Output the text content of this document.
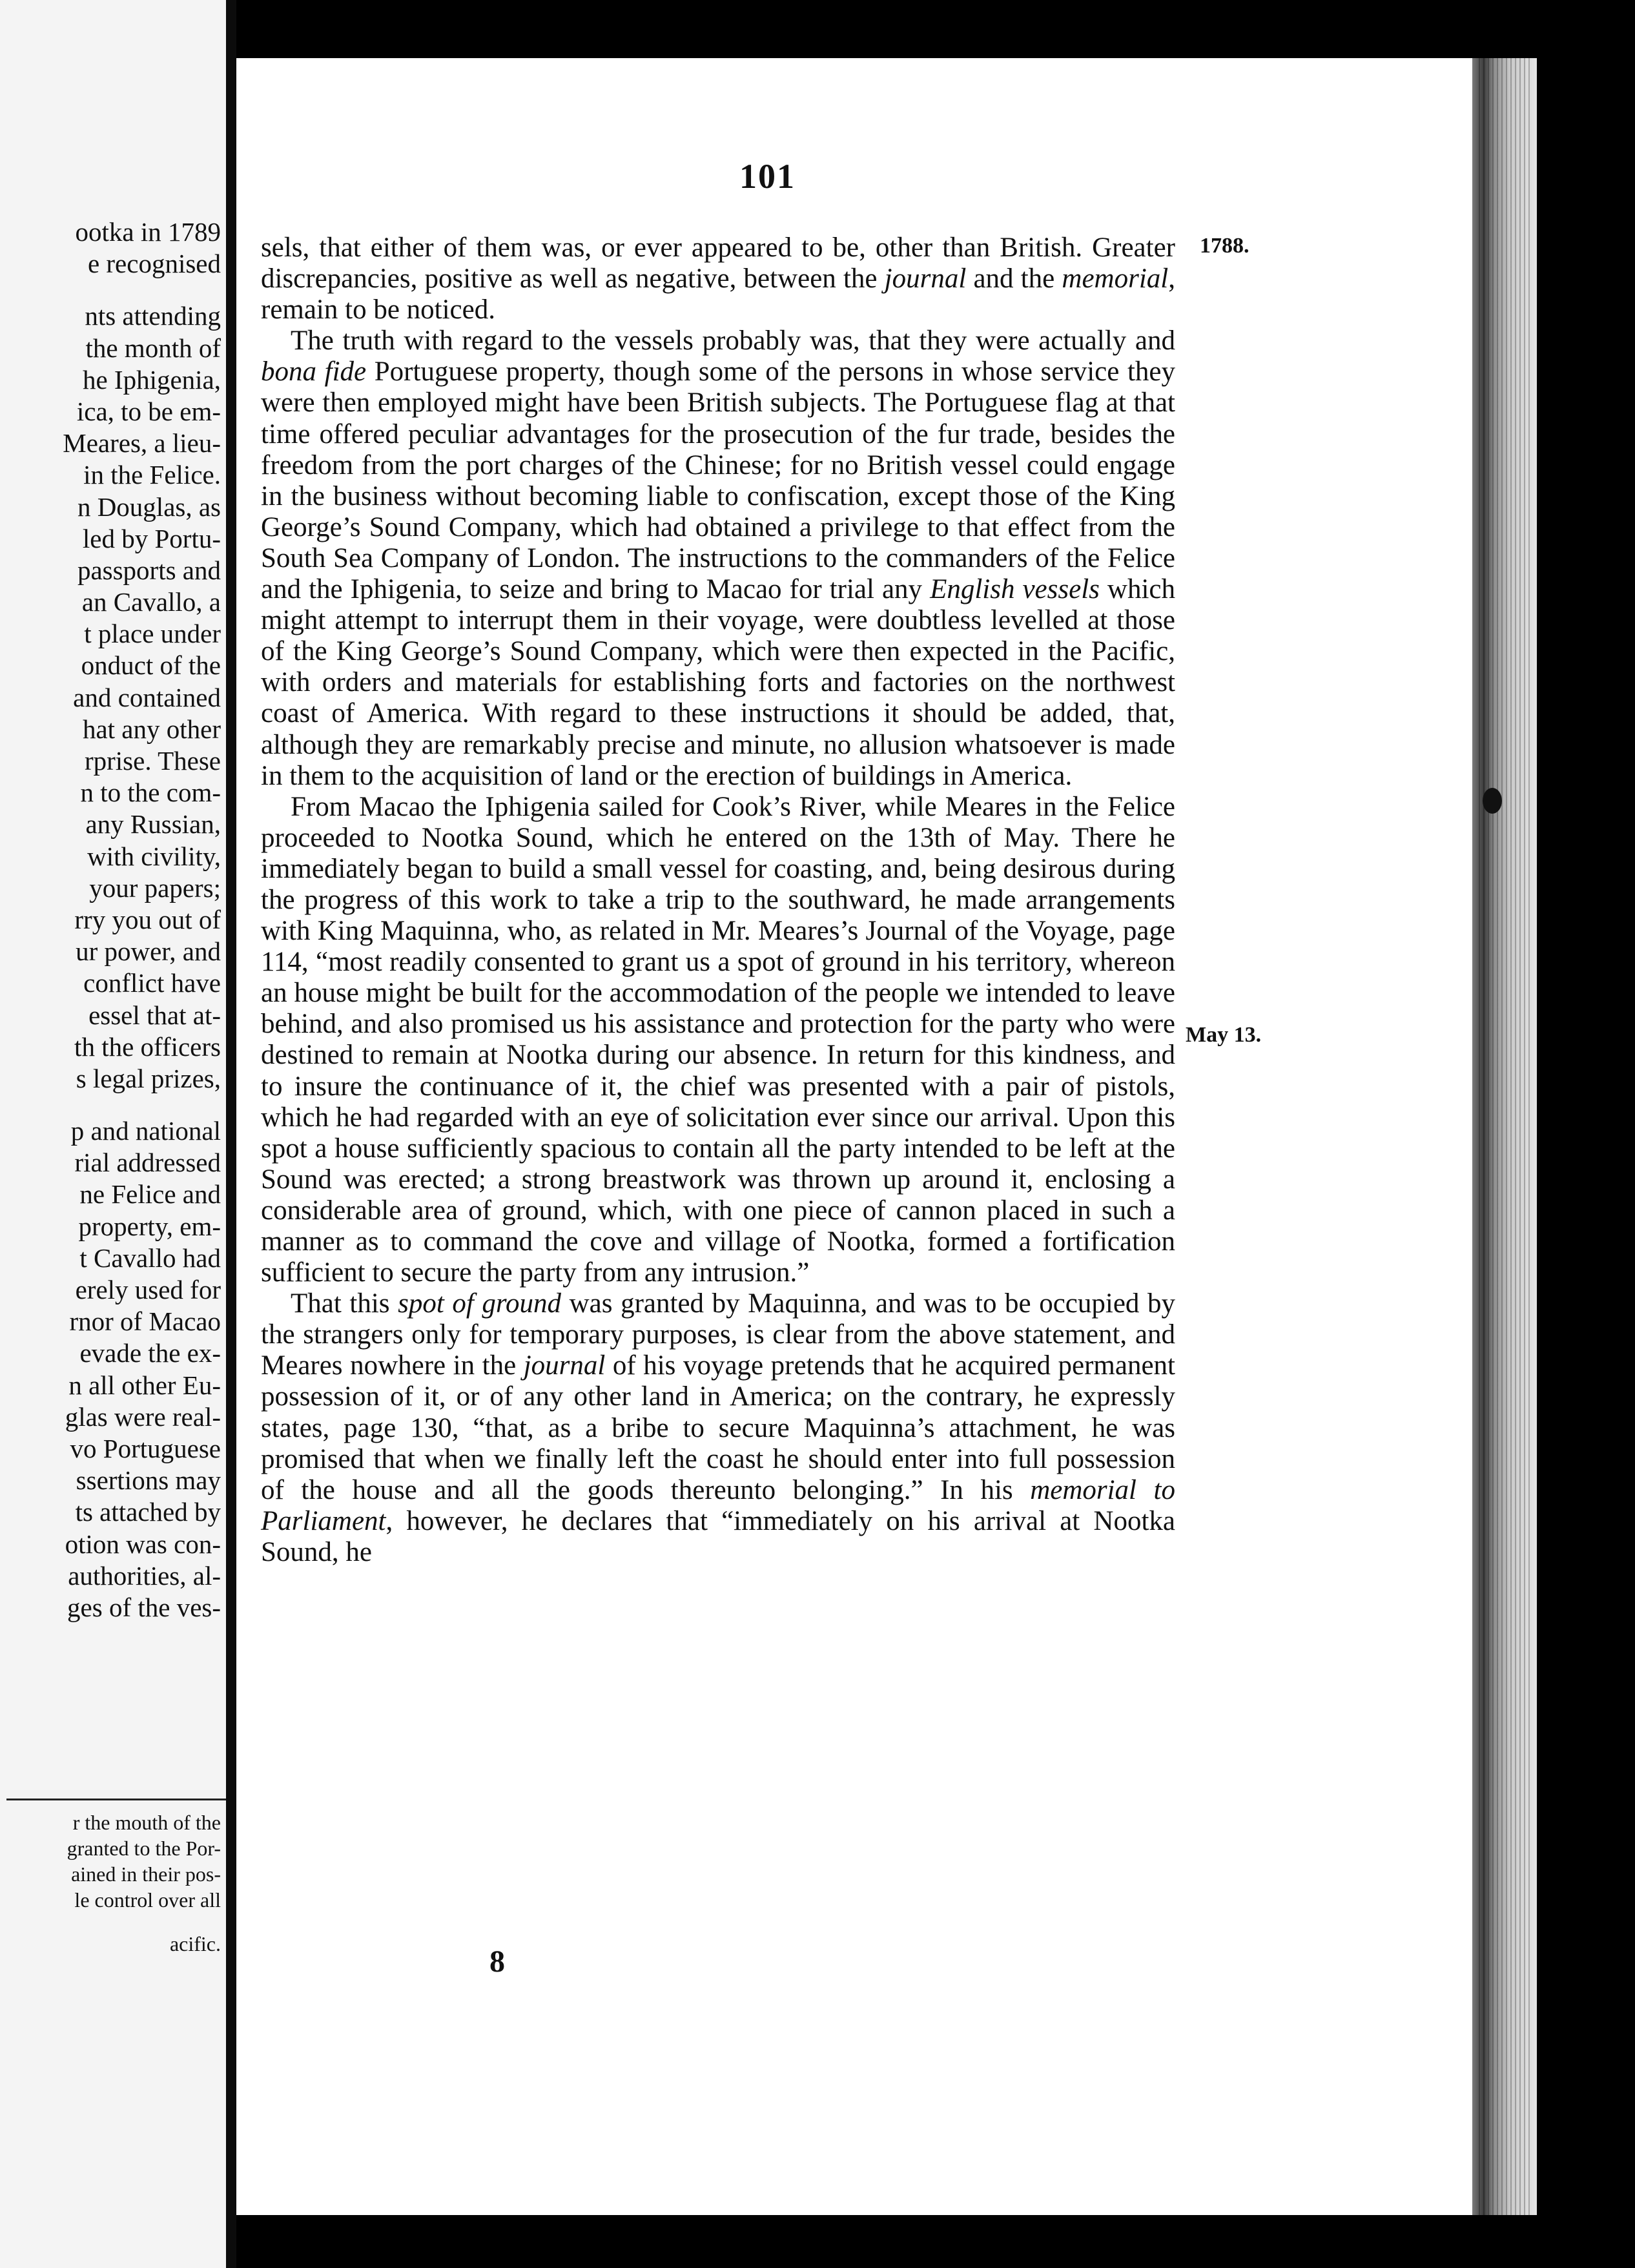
ootka in 1789
e recognised
nts attending
the month of
he Iphigenia,
ica, to be em-
Meares, a lieu-
in the Felice.
n Douglas, as
led by Portu-
passports and
an Cavallo, a
t place under
onduct of the
and contained
hat any other
rprise. These
n to the com-
any Russian,
with civility,
your papers;
rry you out of
ur power, and
conflict have
essel that at-
th the officers
s legal prizes,
p and national
rial addressed
ne Felice and
property, em-
t Cavallo had
erely used for
rnor of Macao
evade the ex-
n all other Eu-
glas were real-
vo Portuguese
ssertions may
ts attached by
otion was con-
authorities, al-
ges of the ves-
r the mouth of the
granted to the Por-
ained in their pos-
le control over all
acific.
101
1788.
May 13.

sels, that either of them was, or ever appeared to be, other than British. Greater discrepancies, positive as well as negative, between the journal and the memorial, remain to be noticed.

The truth with regard to the vessels probably was, that they were actually and bona fide Portuguese property, though some of the persons in whose service they were then employed might have been British subjects. The Portuguese flag at that time offered peculiar advantages for the prosecution of the fur trade, besides the freedom from the port charges of the Chinese; for no British vessel could engage in the business without becoming liable to confiscation, except those of the King George’s Sound Company, which had obtained a privilege to that effect from the South Sea Company of London. The instructions to the commanders of the Felice and the Iphigenia, to seize and bring to Macao for trial any English vessels which might attempt to interrupt them in their voyage, were doubtless levelled at those of the King George’s Sound Company, which were then expected in the Pacific, with orders and materials for establishing forts and factories on the northwest coast of America. With regard to these instructions it should be added, that, although they are remarkably precise and minute, no allusion whatsoever is made in them to the acquisition of land or the erection of buildings in America.

From Macao the Iphigenia sailed for Cook’s River, while Meares in the Felice proceeded to Nootka Sound, which he entered on the 13th of May. There he immediately began to build a small vessel for coasting, and, being desirous during the progress of this work to take a trip to the southward, he made arrangements with King Maquinna, who, as related in Mr. Meares’s Journal of the Voyage, page 114, “most readily consented to grant us a spot of ground in his territory, whereon an house might be built for the accommodation of the people we intended to leave behind, and also promised us his assistance and protection for the party who were destined to remain at Nootka during our absence. In return for this kindness, and to insure the continuance of it, the chief was presented with a pair of pistols, which he had regarded with an eye of solicitation ever since our arrival. Upon this spot a house sufficiently spacious to contain all the party intended to be left at the Sound was erected; a strong breastwork was thrown up around it, enclosing a considerable area of ground, which, with one piece of cannon placed in such a manner as to command the cove and village of Nootka, formed a fortification sufficient to secure the party from any intrusion.”

That this spot of ground was granted by Maquinna, and was to be occupied by the strangers only for temporary purposes, is clear from the above statement, and Meares nowhere in the journal of his voyage pretends that he acquired permanent possession of it, or of any other land in America; on the contrary, he expressly states, page 130, “that, as a bribe to secure Maquinna’s attachment, he was promised that when we finally left the coast he should enter into full possession of the house and all the goods thereunto belonging.” In his memorial to Parliament, however, he declares that “immediately on his arrival at Nootka Sound, he

8
